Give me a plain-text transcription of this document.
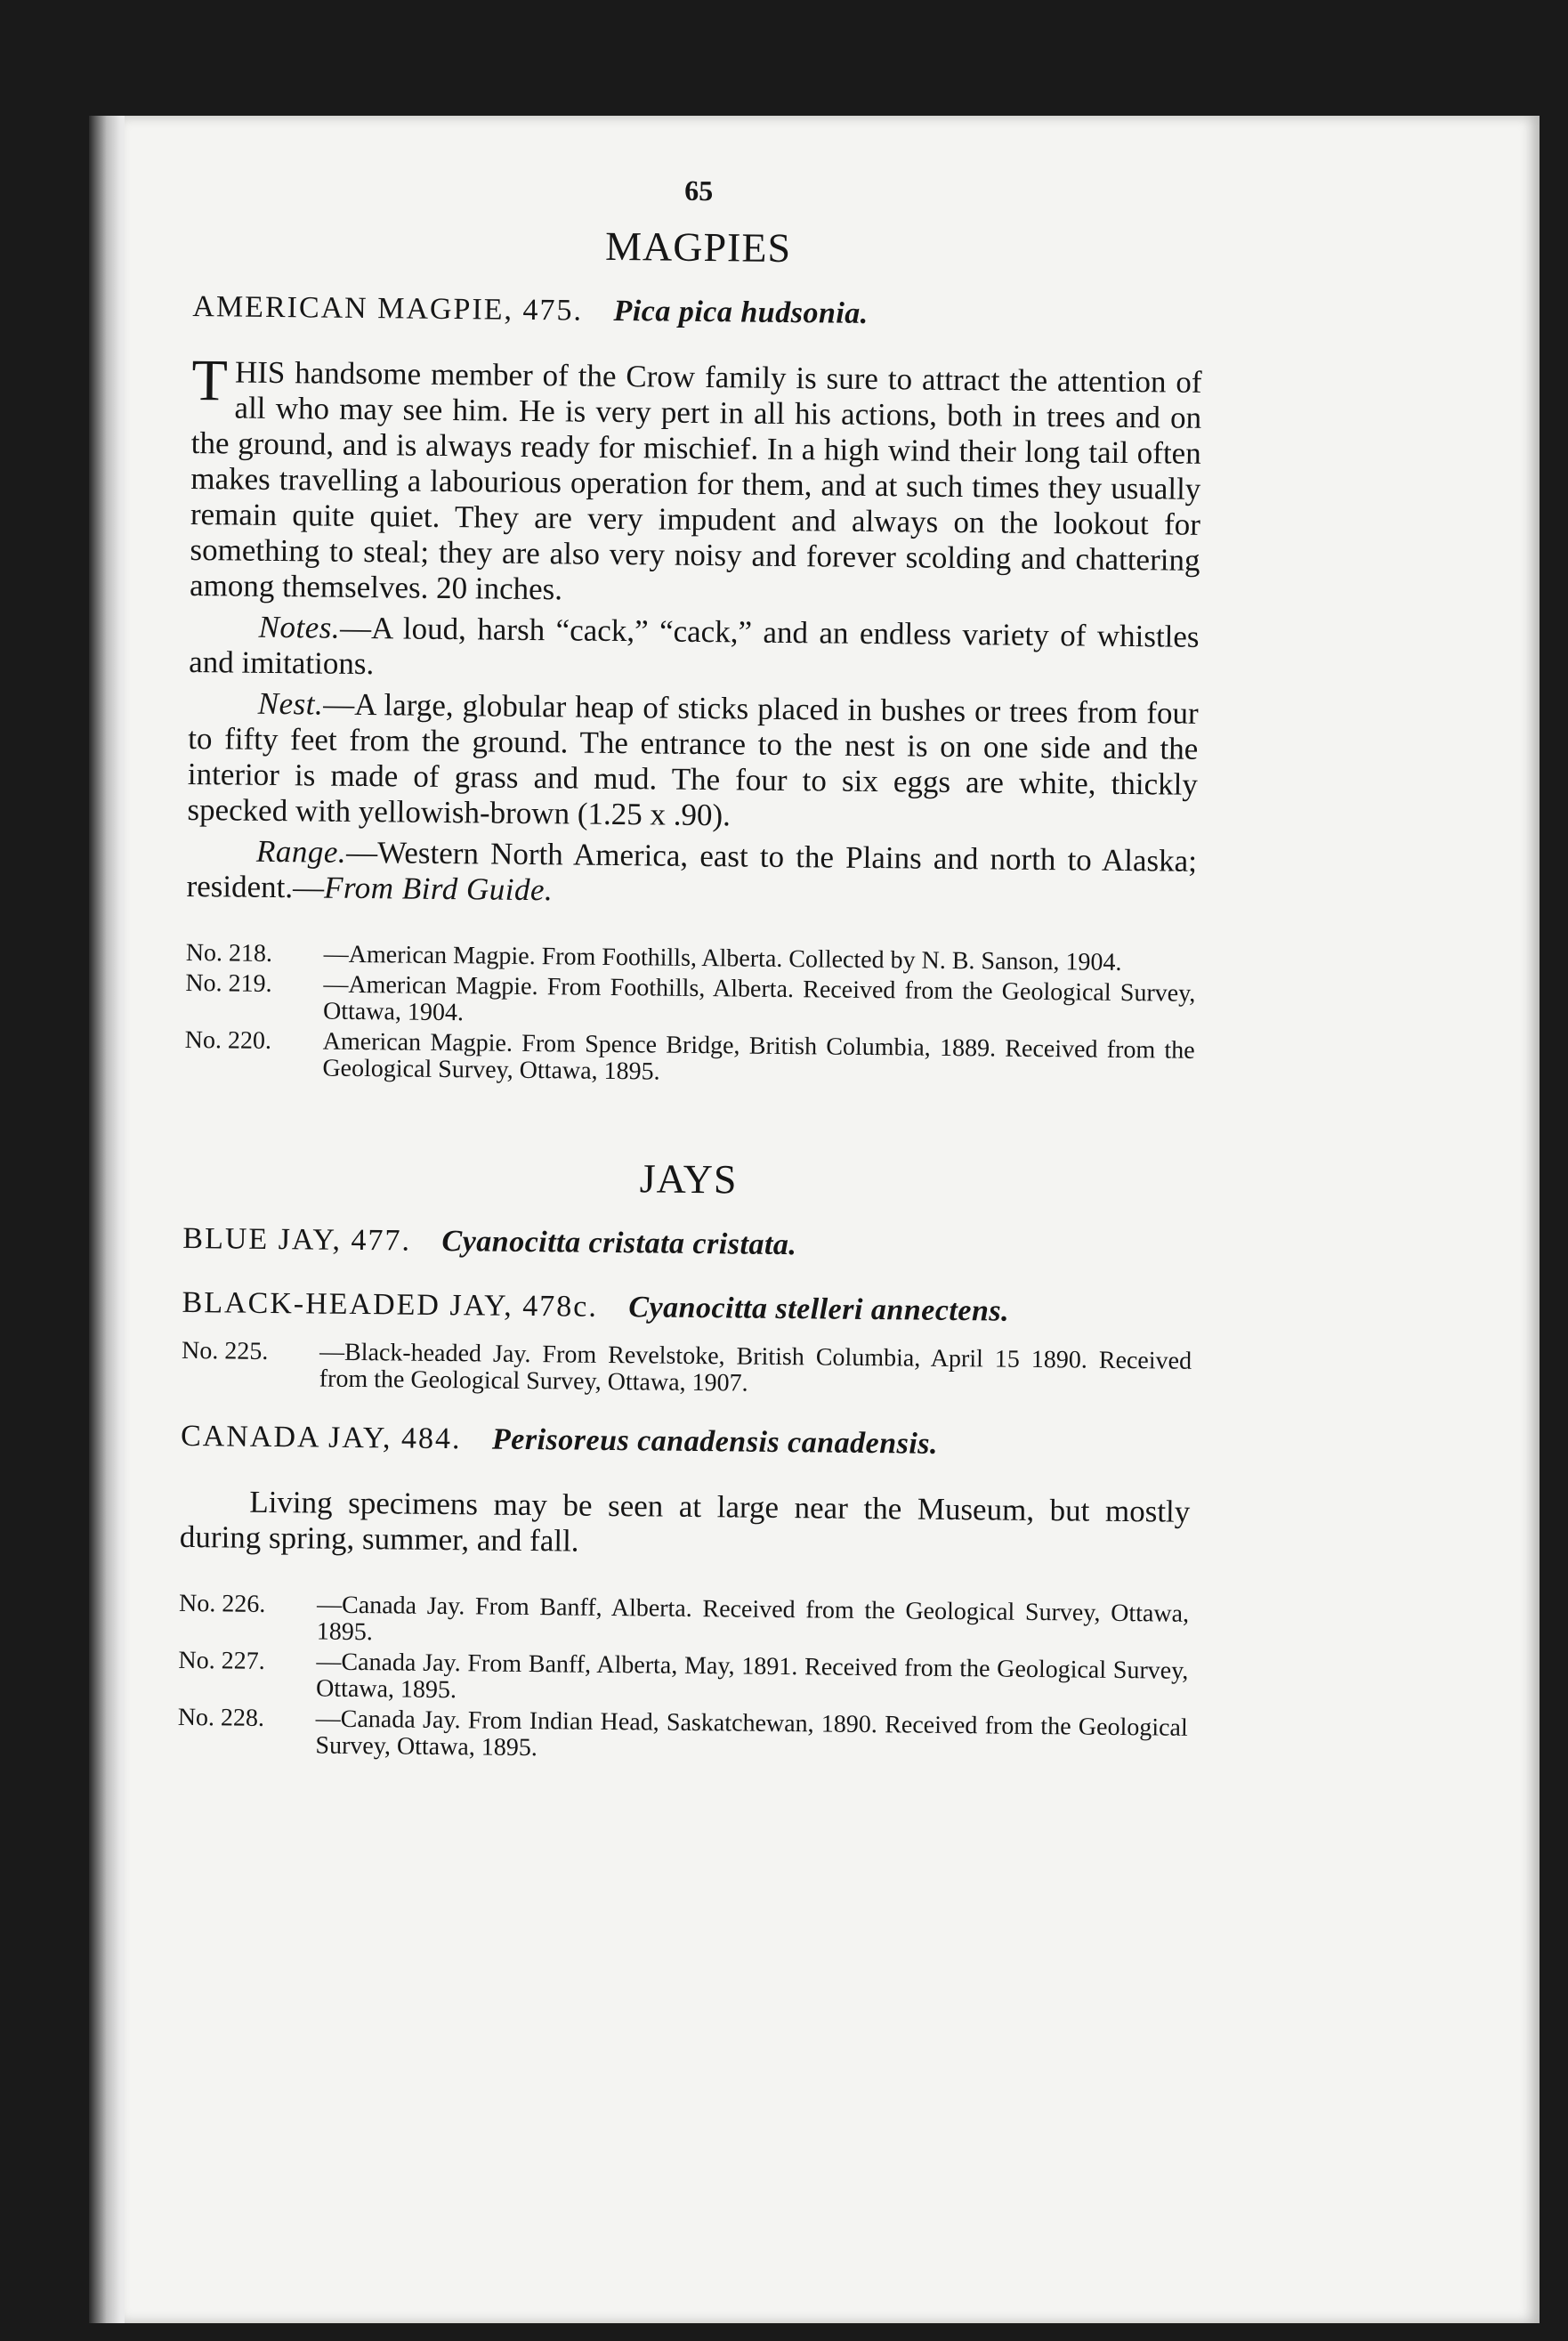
65
MAGPIES
AMERICAN MAGPIE, 475. Pica pica hudsonia.

THIS handsome member of the Crow family is sure to attract the attention of all who may see him. He is very pert in all his actions, both in trees and on the ground, and is always ready for mischief. In a high wind their long tail often makes travelling a labourious operation for them, and at such times they usually remain quite quiet. They are very impudent and always on the lookout for something to steal; they are also very noisy and forever scolding and chattering among themselves. 20 inches.

Notes.—A loud, harsh “cack,” “cack,” and an endless variety of whistles and imitations.

Nest.—A large, globular heap of sticks placed in bushes or trees from four to fifty feet from the ground. The entrance to the nest is on one side and the interior is made of grass and mud. The four to six eggs are white, thickly specked with yellowish-brown (1.25 x .90).

Range.—Western North America, east to the Plains and north to Alaska; resident.—From Bird Guide.

No. 218.	—American Magpie. From Foothills, Alberta. Collected by N. B. Sanson, 1904.
No. 219.	—American Magpie. From Foothills, Alberta. Received from the Geological Survey, Ottawa, 1904.
No. 220.	American Magpie. From Spence Bridge, British Columbia, 1889. Received from the Geological Survey, Ottawa, 1895.
JAYS
BLUE JAY, 477. Cyanocitta cristata cristata.
BLACK-HEADED JAY, 478c. Cyanocitta stelleri annectens.
No. 225.	—Black-headed Jay. From Revelstoke, British Columbia, April 15 1890. Received from the Geological Survey, Ottawa, 1907.
CANADA JAY, 484. Perisoreus canadensis canadensis.

Living specimens may be seen at large near the Museum, but mostly during spring, summer, and fall.

No. 226.	—Canada Jay. From Banff, Alberta. Received from the Geological Survey, Ottawa, 1895.
No. 227.	—Canada Jay. From Banff, Alberta, May, 1891. Received from the Geological Survey, Ottawa, 1895.
No. 228.	—Canada Jay. From Indian Head, Saskatchewan, 1890. Received from the Geological Survey, Ottawa, 1895.
